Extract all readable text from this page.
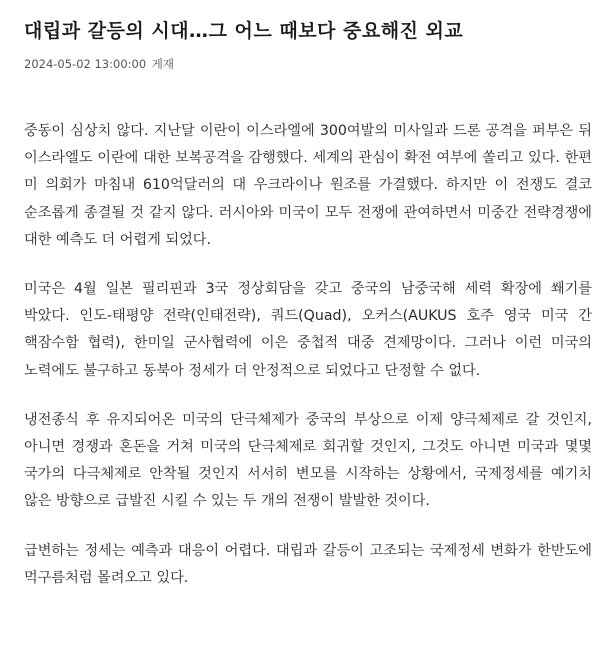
대립과 갈등의 시대…그 어느 때보다 중요해진 외교
2024-05-02 13:00:00 게재

중동이 심상치 않다. 지난달 이란이 이스라엘에 300여발의 미사일과 드론 공격을 퍼부은 뒤 이스라엘도 이란에 대한 보복공격을 감행했다. 세계의 관심이 확전 여부에 쏠리고 있다. 한편 미 의회가 마침내 610억달러의 대 우크라이나 원조를 가결했다. 하지만 이 전쟁도 결코 순조롭게 종결될 것 같지 않다. 러시아와 미국이 모두 전쟁에 관여하면서 미중간 전략경쟁에 대한 예측도 더 어렵게 되었다.

미국은 4월 일본 필리핀과 3국 정상회담을 갖고 중국의 남중국해 세력 확장에 쐐기를 박았다. 인도-태평양 전략(인태전략), 쿼드(Quad), 오커스(AUKUS 호주 영국 미국 간 핵잠수함 협력), 한미일 군사협력에 이은 중첩적 대중 견제망이다. 그러나 이런 미국의 노력에도 불구하고 동북아 정세가 더 안정적으로 되었다고 단정할 수 없다.

냉전종식 후 유지되어온 미국의 단극체제가 중국의 부상으로 이제 양극체제로 갈 것인지, 아니면 경쟁과 혼돈을 거쳐 미국의 단극체제로 회귀할 것인지, 그것도 아니면 미국과 몇몇 국가의 다극체제로 안착될 것인지 서서히 변모를 시작하는 상황에서, 국제정세를 예기치 않은 방향으로 급발진 시킬 수 있는 두 개의 전쟁이 발발한 것이다.

급변하는 정세는 예측과 대응이 어렵다. 대립과 갈등이 고조되는 국제정세 변화가 한반도에 먹구름처럼 몰려오고 있다.
